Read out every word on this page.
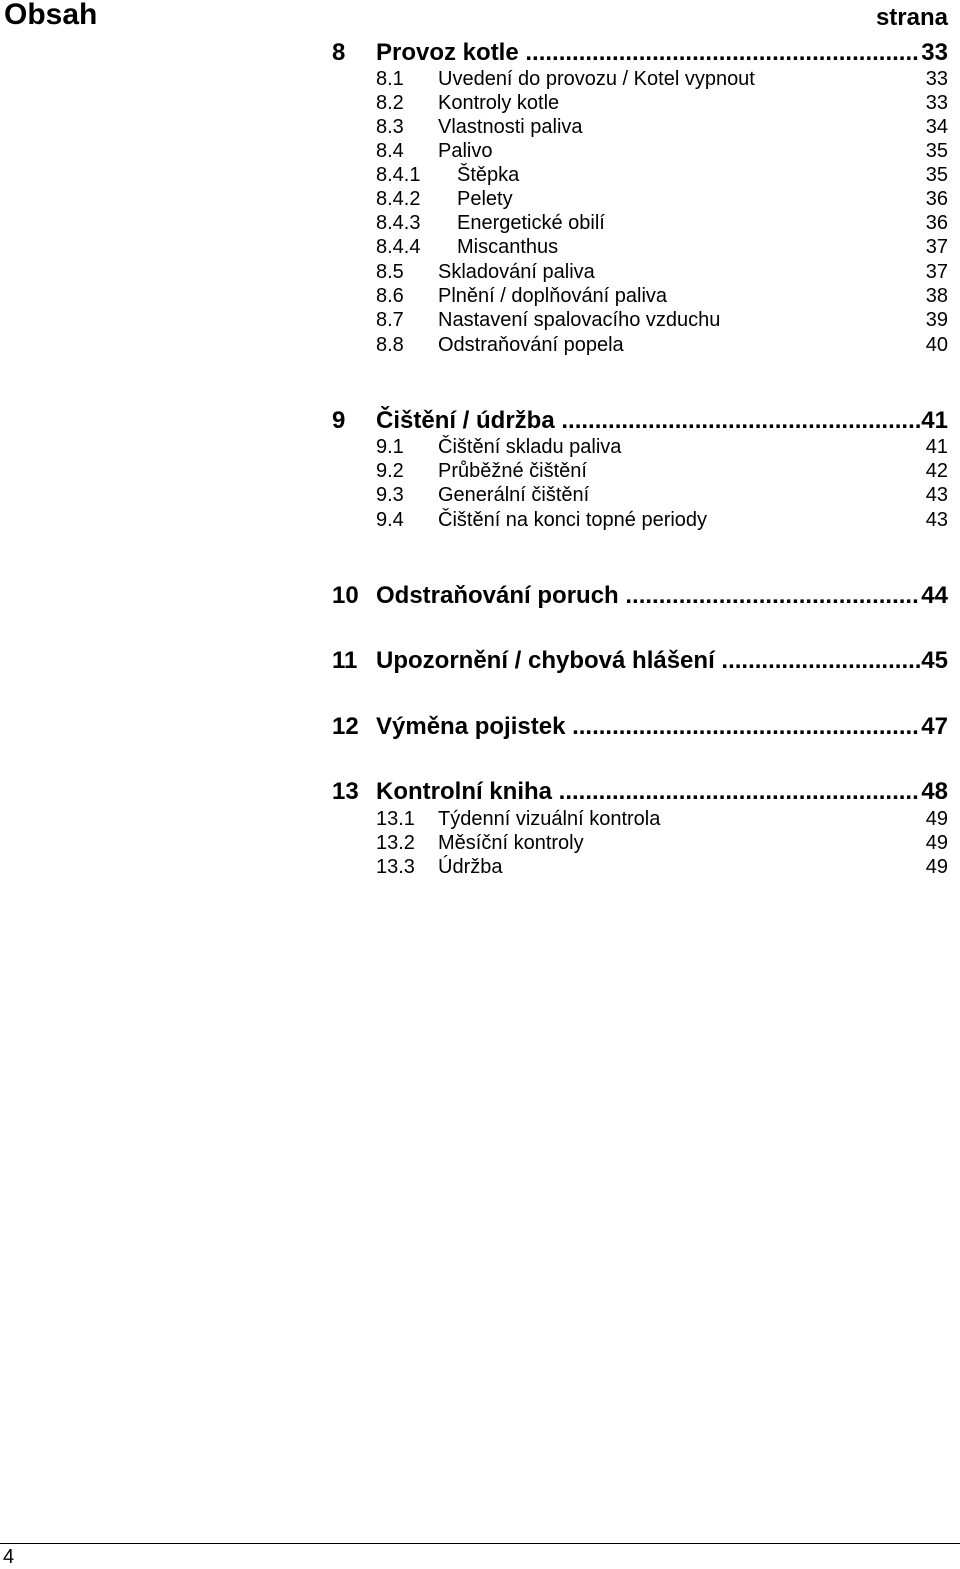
Obsah	strana
8 Provoz kotle .....	33
8.1 Uvedení do provozu / Kotel vypnout	33
8.2 Kontroly kotle	33
8.3 Vlastnosti paliva	34
8.4 Palivo	35
8.4.1 Štěpka	35
8.4.2 Pelety	36
8.4.3 Energetické obilí	36
8.4.4 Miscanthus	37
8.5 Skladování paliva	37
8.6 Plnění / doplňování paliva	38
8.7 Nastavení spalovacího vzduchu	39
8.8 Odstraňování popela	40
9 Čištění / údržba .....	41
9.1 Čištění skladu paliva	41
9.2 Průběžné čištění	42
9.3 Generální čištění	43
9.4 Čištění na konci topné periody	43
10 Odstraňování poruch .....	44
11 Upozornění / chybová hlášení .....	45
12 Výměna pojistek .....	47
13 Kontrolní kniha .....	48
13.1 Týdenní vizuální kontrola	49
13.2 Měsíční kontroly	49
13.3 Údržba	49
4
